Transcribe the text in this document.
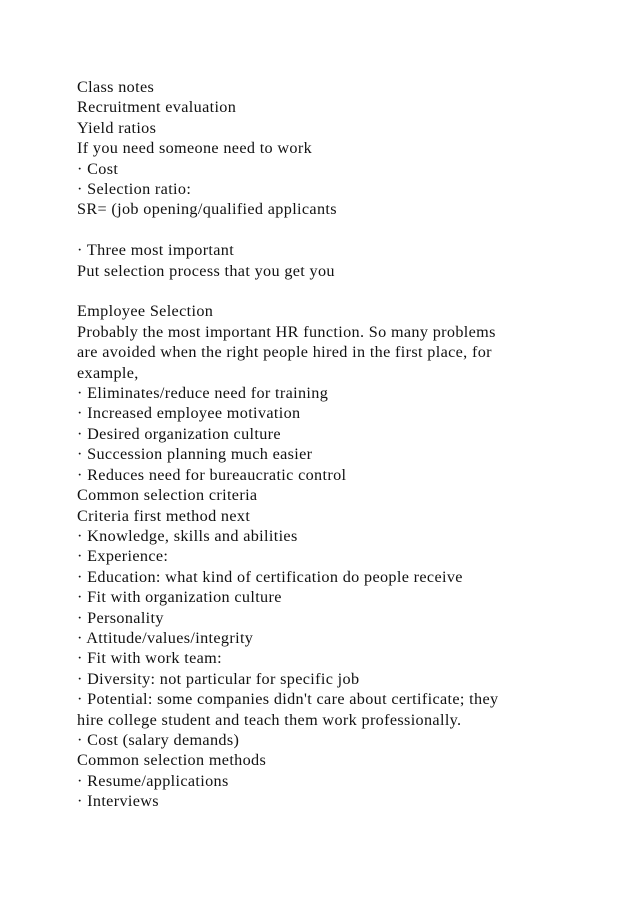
Class notes
Recruitment evaluation
Yield ratios
If you need someone need to work
· Cost
· Selection ratio:
SR= (job opening/qualified applicants
· Three most important
Put selection process that you get you
Employee Selection
Probably the most important HR function. So many problems
are avoided when the right people hired in the first place, for
example,
· Eliminates/reduce need for training
· Increased employee motivation
· Desired organization culture
· Succession planning much easier
· Reduces need for bureaucratic control
Common selection criteria
Criteria first method next
· Knowledge, skills and abilities
· Experience:
· Education: what kind of certification do people receive
· Fit with organization culture
· Personality
· Attitude/values/integrity
· Fit with work team:
· Diversity: not particular for specific job
· Potential: some companies didn't care about certificate; they
hire college student and teach them work professionally.
· Cost (salary demands)
Common selection methods
· Resume/applications
· Interviews
